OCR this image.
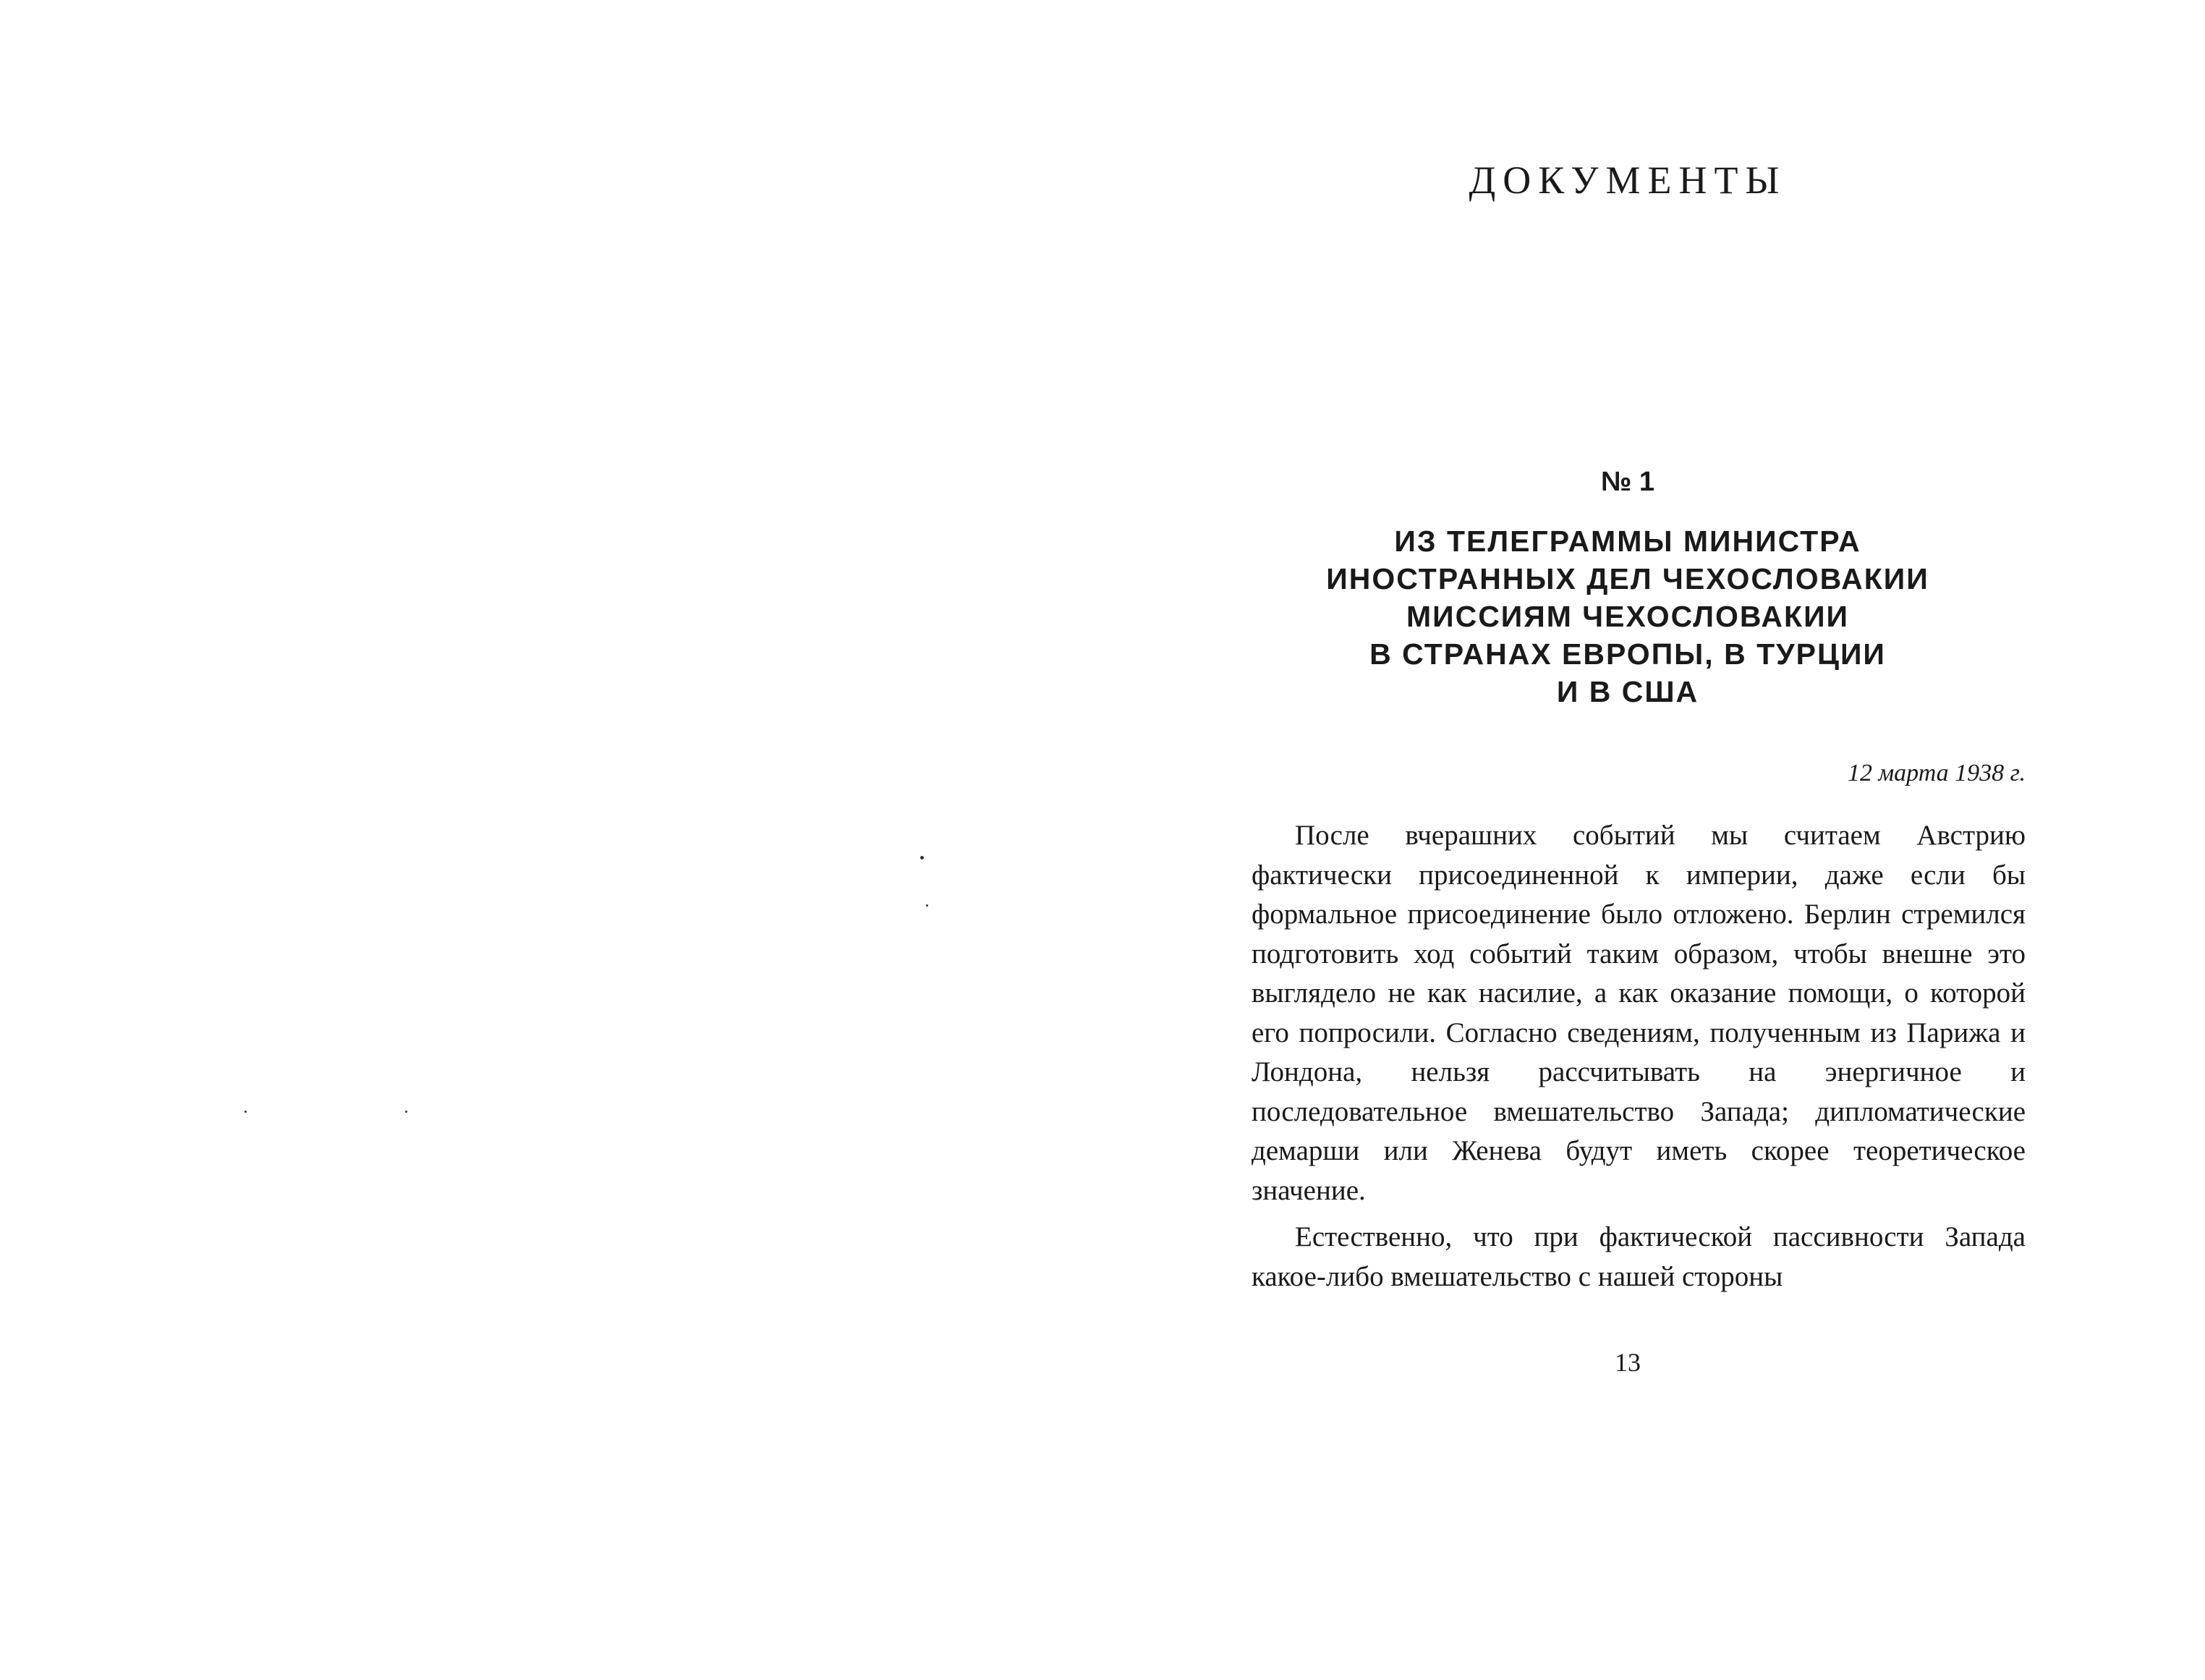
ДОКУМЕНТЫ
№ 1
ИЗ ТЕЛЕГРАММЫ МИНИСТРА
ИНОСТРАННЫХ ДЕЛ ЧЕХОСЛОВАКИИ
МИССИЯМ ЧЕХОСЛОВАКИИ
В СТРАНАХ ЕВРОПЫ, В ТУРЦИИ
И В США

12 марта 1938 г.

После вчерашних событий мы считаем Австрию фактически присоединенной к империи, даже если бы формальное присоединение было отложено. Берлин стремился подготовить ход событий таким образом, чтобы внешне это выглядело не как насилие, а как оказание помощи, о которой его попросили. Согласно сведениям, полученным из Парижа и Лондона, нельзя рассчитывать на энергичное и последовательное вмешательство Запада; дипломатические демарши или Женева будут иметь скорее теоретическое значение.

Естественно, что при фактической пассивности Запада какое-либо вмешательство с нашей стороны

13
